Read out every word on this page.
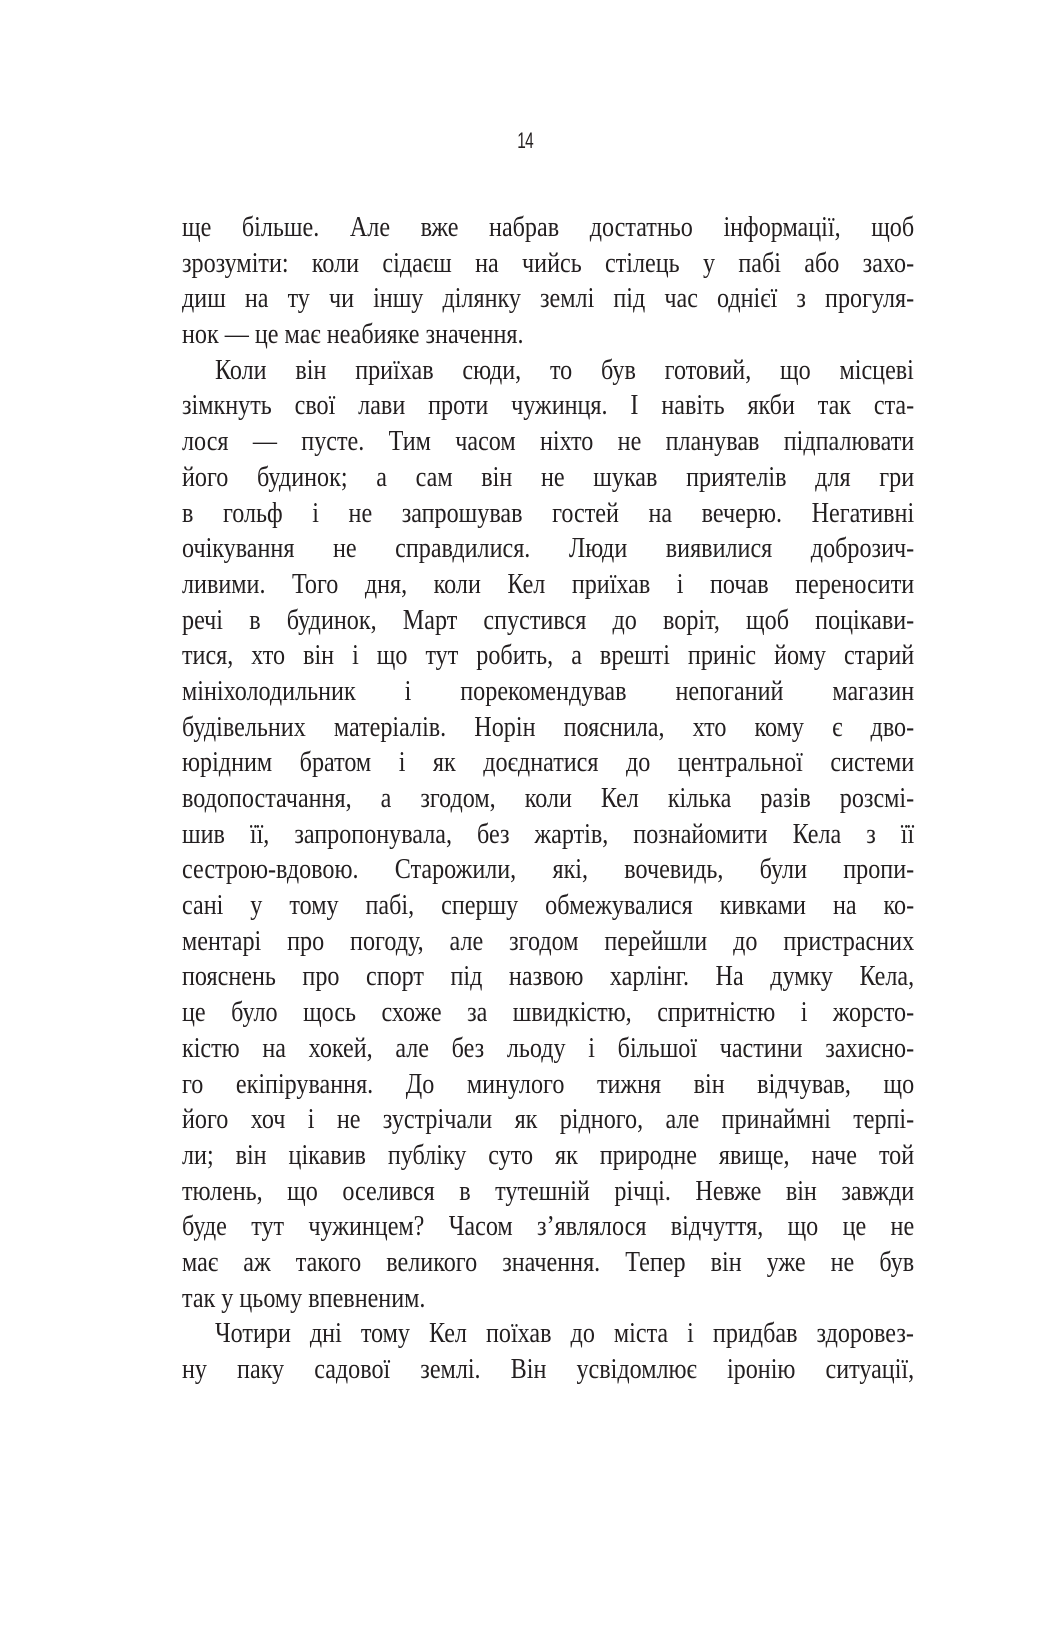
14
ще більше. Але вже набрав достатньо інформації, щоб
зрозуміти: коли сідаєш на чийсь стілець у пабі або захо-
диш на ту чи іншу ділянку землі під час однієї з прогуля-
нок — це має неабияке значення.
Коли він приїхав сюди, то був готовий, що місцеві
зімкнуть свої лави проти чужинця. І навіть якби так ста-
лося — пусте. Тим часом ніхто не планував підпалювати
його будинок; а сам він не шукав приятелів для гри
в гольф і не запрошував гостей на вечерю. Негативні
очікування не справдилися. Люди виявилися доброзич-
ливими. Того дня, коли Кел приїхав і почав переносити
речі в будинок, Март спустився до воріт, щоб поцікави-
тися, хто він і що тут робить, а врешті приніс йому старий
мініхолодильник і порекомендував непоганий магазин
будівельних матеріалів. Норін пояснила, хто кому є дво-
юрідним братом і як доєднатися до центральної системи
водопостачання, а згодом, коли Кел кілька разів розсмі-
шив її, запропонувала, без жартів, познайомити Кела з її
сестрою-вдовою. Старожили, які, вочевидь, були пропи-
сані у тому пабі, спершу обмежувалися кивками на ко-
ментарі про погоду, але згодом перейшли до пристрасних
пояснень про спорт під назвою харлінг. На думку Кела,
це було щось схоже за швидкістю, спритністю і жорсто-
кістю на хокей, але без льоду і більшої частини захисно-
го екіпірування. До минулого тижня він відчував, що
його хоч і не зустрічали як рідного, але принаймні терпі-
ли; він цікавив публіку суто як природне явище, наче той
тюлень, що оселився в тутешній річці. Невже він завжди
буде тут чужинцем? Часом з’являлося відчуття, що це не
має аж такого великого значення. Тепер він уже не був
так у цьому впевненим.
Чотири дні тому Кел поїхав до міста і придбав здоровез-
ну паку садової землі. Він усвідомлює іронію ситуації,
